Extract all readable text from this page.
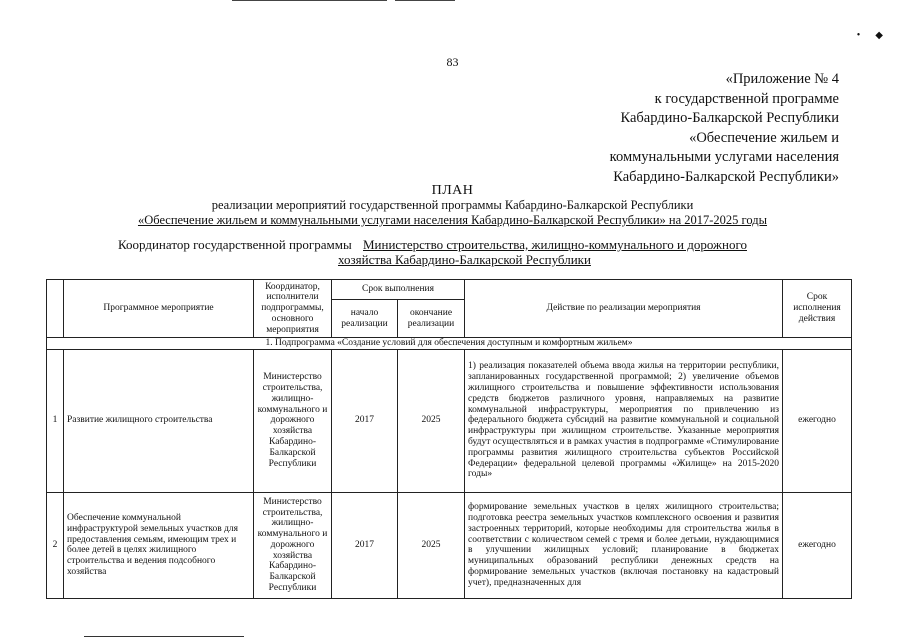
•      ◆
83
«Приложение № 4
к государственной программе
Кабардино-Балкарской Республики
«Обеспечение жильем и
коммунальными услугами населения
Кабардино-Балкарской Республики»
ПЛАН
реализации мероприятий государственной программы Кабардино-Балкарской Республики
«Обеспечение жильем и коммунальными услугами населения Кабардино-Балкарской Республики» на 2017-2025 годы
Координатор государственной программы Министерство строительства, жилищно-коммунального и дорожного
хозяйства Кабардино-Балкарской Республики
	Программное мероприятие	Координатор, исполнители подпрограммы, основного мероприятия	Срок выполнения		Действие по реализации мероприятия	Срок исполнения действия
			начало реализации	окончание реализации		
1. Подпрограмма «Создание условий для обеспечения доступным и комфортным жильем»						
1	Развитие жилищного строительства	Министерство строительства, жилищно-коммунального и дорожного хозяйства Кабардино-Балкарской Республики	2017	2025	1) реализация показателей объема ввода жилья на территории республики, запланированных государственной программой; 2) увеличение объемов жилищного строительства и повышение эффективности использования средств бюджетов различного уровня, направляемых на развитие коммунальной инфраструктуры, мероприятия по привлечению из федерального бюджета субсидий на развитие коммунальной и социальной инфраструктуры при жилищном строительстве. Указанные мероприятия будут осуществляться и в рамках участия в подпрограмме «Стимулирование программы развития жилищного строительства субъектов Российской Федерации» федеральной целевой программы «Жилище» на 2015-2020 годы»	ежегодно
2	Обеспечение коммунальной инфраструктурой земельных участков для предоставления семьям, имеющим трех и более детей в целях жилищного строительства и ведения подсобного хозяйства	Министерство строительства, жилищно-коммунального и дорожного хозяйства Кабардино-Балкарской Республики	2017	2025	формирование земельных участков в целях жилищного строительства; подготовка реестра земельных участков комплексного освоения и развития застроенных территорий, которые необходимы для строительства жилья в соответствии с количеством семей с тремя и более детьми, нуждающимися в улучшении жилищных условий; планирование в бюджетах муниципальных образований республики денежных средств на формирование земельных участков (включая постановку на кадастровый учет), предназначенных для	ежегодно
